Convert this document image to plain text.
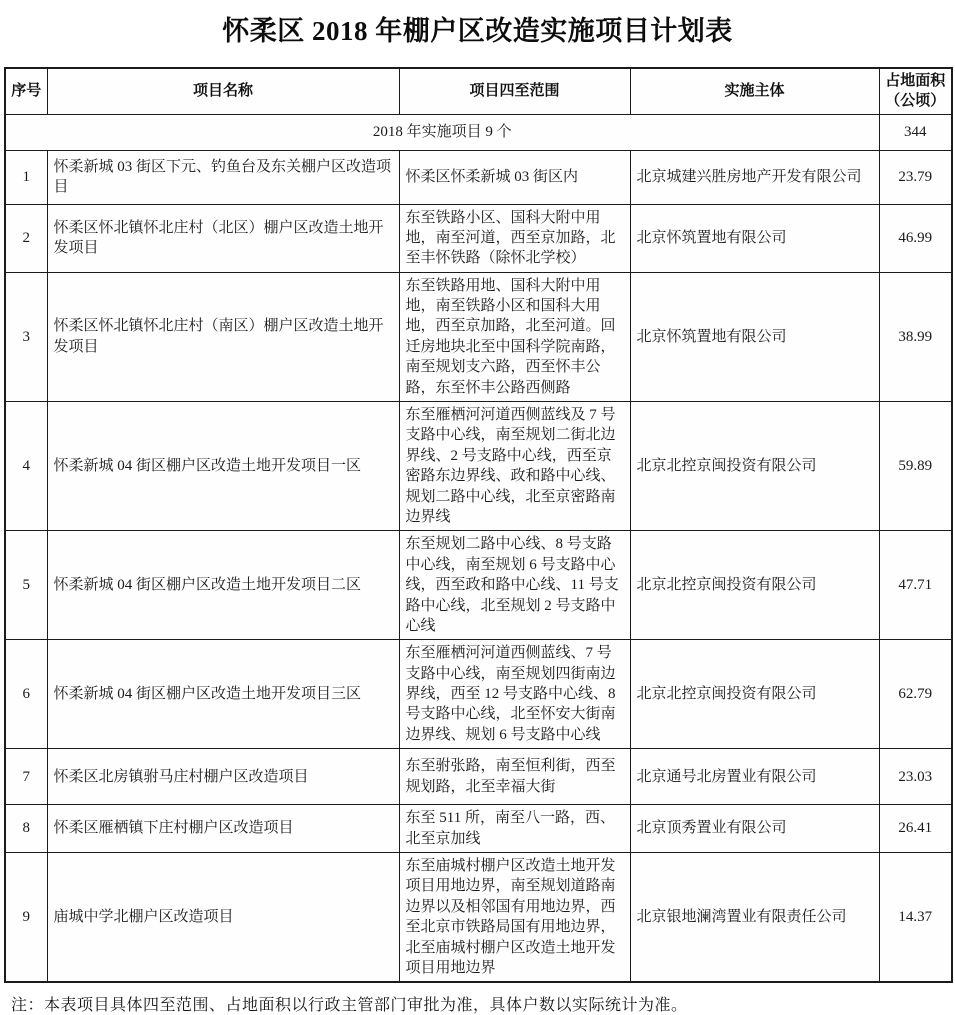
怀柔区 2018 年棚户区改造实施项目计划表
序号	项目名称	项目四至范围	实施主体	占地面积（公顷）
2018 年实施项目 9 个				344
1	怀柔新城 03 街区下元、钓鱼台及东关棚户区改造项目	怀柔区怀柔新城 03 街区内	北京城建兴胜房地产开发有限公司	23.79
2	怀柔区怀北镇怀北庄村（北区）棚户区改造土地开发项目	东至铁路小区、国科大附中用地，南至河道，西至京加路，北至丰怀铁路（除怀北学校）	北京怀筑置地有限公司	46.99
3	怀柔区怀北镇怀北庄村（南区）棚户区改造土地开发项目	东至铁路用地、国科大附中用地，南至铁路小区和国科大用地，西至京加路，北至河道。回迁房地块北至中国科学院南路，南至规划支六路，西至怀丰公路，东至怀丰公路西侧路	北京怀筑置地有限公司	38.99
4	怀柔新城 04 街区棚户区改造土地开发项目一区	东至雁栖河河道西侧蓝线及 7 号支路中心线，南至规划二街北边界线、2 号支路中心线，西至京密路东边界线、政和路中心线、规划二路中心线，北至京密路南边界线	北京北控京闽投资有限公司	59.89
5	怀柔新城 04 街区棚户区改造土地开发项目二区	东至规划二路中心线、8 号支路中心线，南至规划 6 号支路中心线，西至政和路中心线、11 号支路中心线，北至规划 2 号支路中心线	北京北控京闽投资有限公司	47.71
6	怀柔新城 04 街区棚户区改造土地开发项目三区	东至雁栖河河道西侧蓝线、7 号支路中心线，南至规划四街南边界线，西至 12 号支路中心线、8 号支路中心线，北至怀安大街南边界线、规划 6 号支路中心线	北京北控京闽投资有限公司	62.79
7	怀柔区北房镇驸马庄村棚户区改造项目	东至驸张路，南至恒利街，西至规划路，北至幸福大街	北京通号北房置业有限公司	23.03
8	怀柔区雁栖镇下庄村棚户区改造项目	东至 511 所，南至八一路，西、北至京加线	北京顶秀置业有限公司	26.41
9	庙城中学北棚户区改造项目	东至庙城村棚户区改造土地开发项目用地边界，南至规划道路南边界以及相邻国有用地边界，西至北京市铁路局国有用地边界，北至庙城村棚户区改造土地开发项目用地边界	北京银地澜湾置业有限责任公司	14.37

注：本表项目具体四至范围、占地面积以行政主管部门审批为准，具体户数以实际统计为准。
